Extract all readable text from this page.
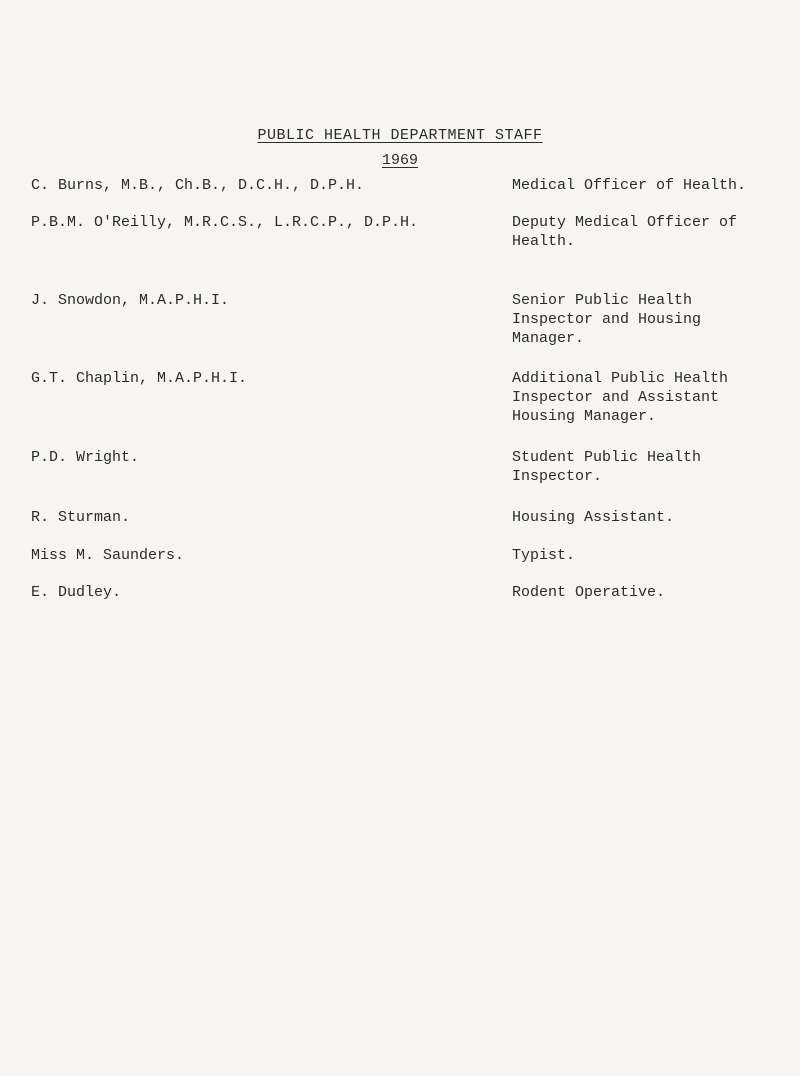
PUBLIC HEALTH DEPARTMENT STAFF
1969
C. Burns, M.B., Ch.B., D.C.H., D.P.H.	Medical Officer of Health.
P.B.M. O'Reilly, M.R.C.S., L.R.C.P., D.P.H.	Deputy Medical Officer of
Health.
J. Snowdon, M.A.P.H.I.	Senior Public Health
Inspector and Housing
Manager.
G.T. Chaplin, M.A.P.H.I.	Additional Public Health
Inspector and Assistant
Housing Manager.
P.D. Wright.	Student Public Health
Inspector.
R. Sturman.	Housing Assistant.
Miss M. Saunders.	Typist.
E. Dudley.	Rodent Operative.
